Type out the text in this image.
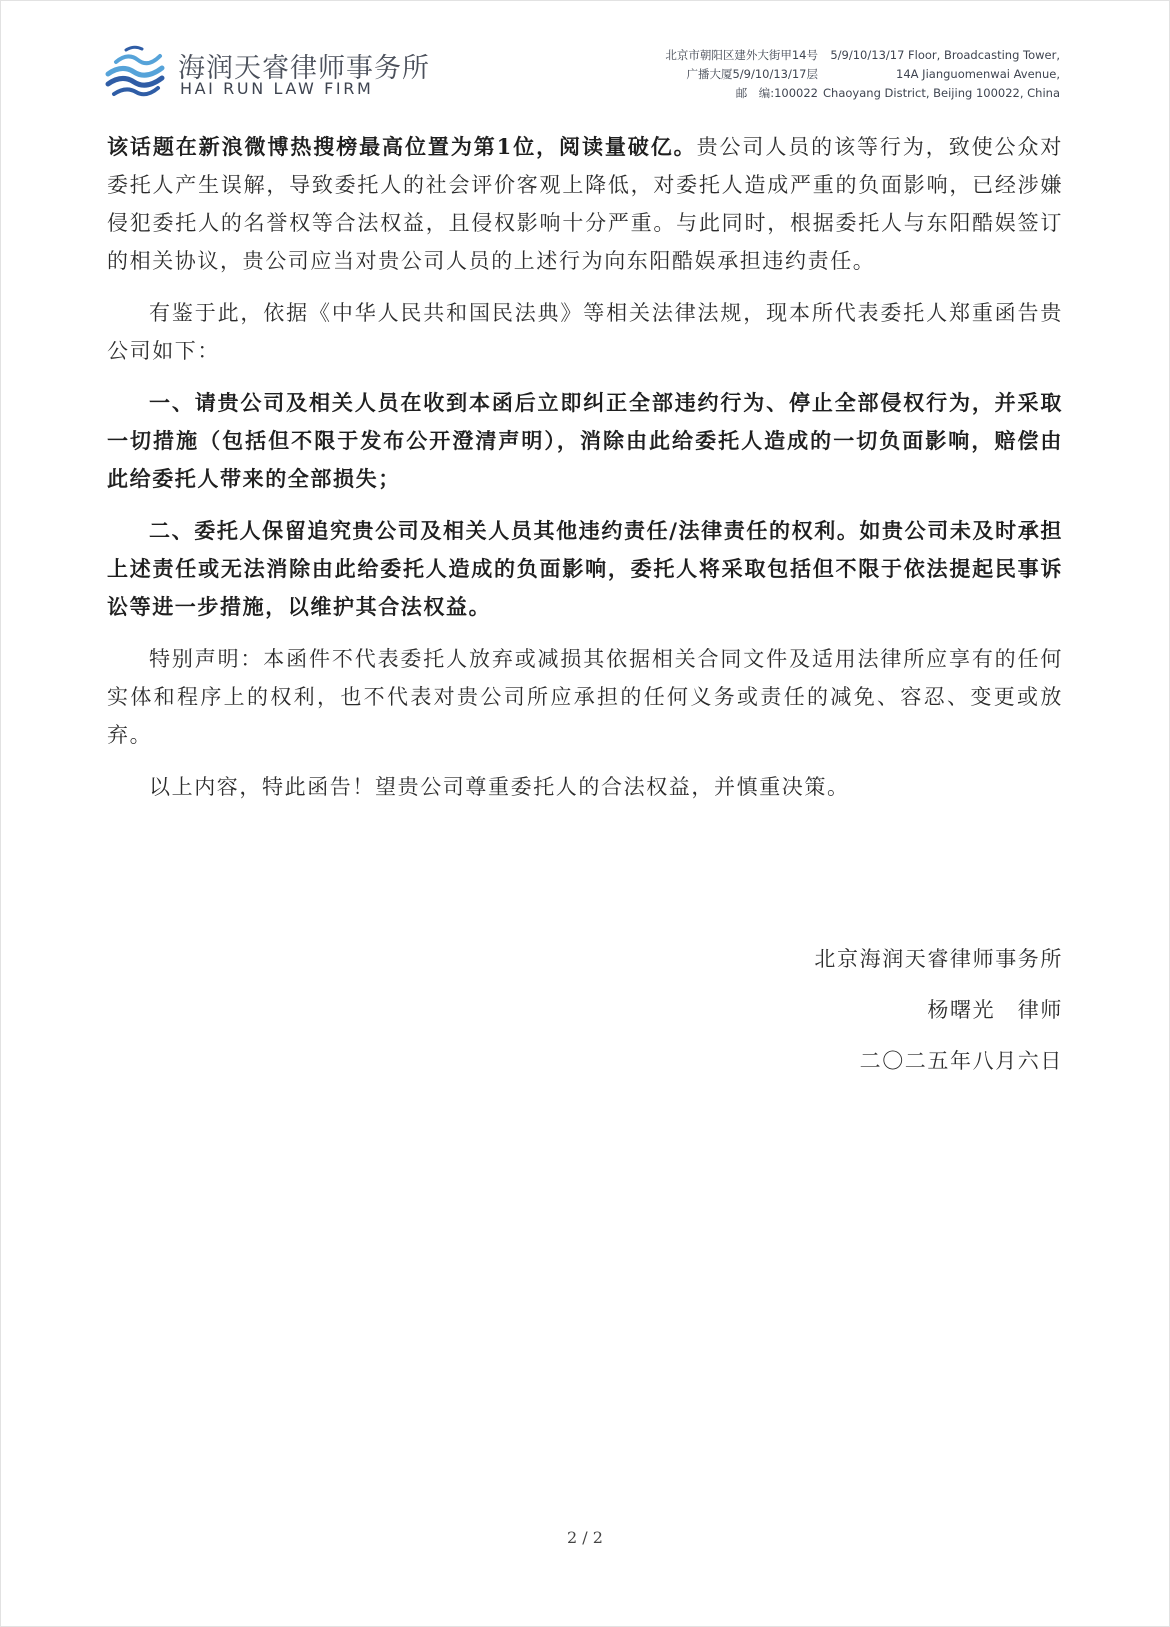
海润天睿律师事务所
HAI RUN LAW FIRM
北京市朝阳区建外大街甲14号
广播大厦5/9/10/13/17层
邮　编:100022
5/9/10/13/17 Floor, Broadcasting Tower,
14A Jianguomenwai Avenue,
Chaoyang District, Beijing 100022, China

该话题在新浪微博热搜榜最高位置为第1位，阅读量破亿。贵公司人员的该等行为，致使公众对委托人产生误解，导致委托人的社会评价客观上降低，对委托人造成严重的负面影响，已经涉嫌侵犯委托人的名誉权等合法权益，且侵权影响十分严重。与此同时，根据委托人与东阳酷娱签订的相关协议，贵公司应当对贵公司人员的上述行为向东阳酷娱承担违约责任。

有鉴于此，依据《中华人民共和国民法典》等相关法律法规，现本所代表委托人郑重函告贵公司如下：

一、请贵公司及相关人员在收到本函后立即纠正全部违约行为、停止全部侵权行为，并采取一切措施（包括但不限于发布公开澄清声明），消除由此给委托人造成的一切负面影响，赔偿由此给委托人带来的全部损失；

二、委托人保留追究贵公司及相关人员其他违约责任/法律责任的权利。如贵公司未及时承担上述责任或无法消除由此给委托人造成的负面影响，委托人将采取包括但不限于依法提起民事诉讼等进一步措施，以维护其合法权益。

特别声明：本函件不代表委托人放弃或减损其依据相关合同文件及适用法律所应享有的任何实体和程序上的权利，也不代表对贵公司所应承担的任何义务或责任的减免、容忍、变更或放弃。

以上内容，特此函告！望贵公司尊重委托人的合法权益，并慎重决策。

北京海润天睿律师事务所
杨曙光　律师
二〇二五年八月六日
2 / 2
